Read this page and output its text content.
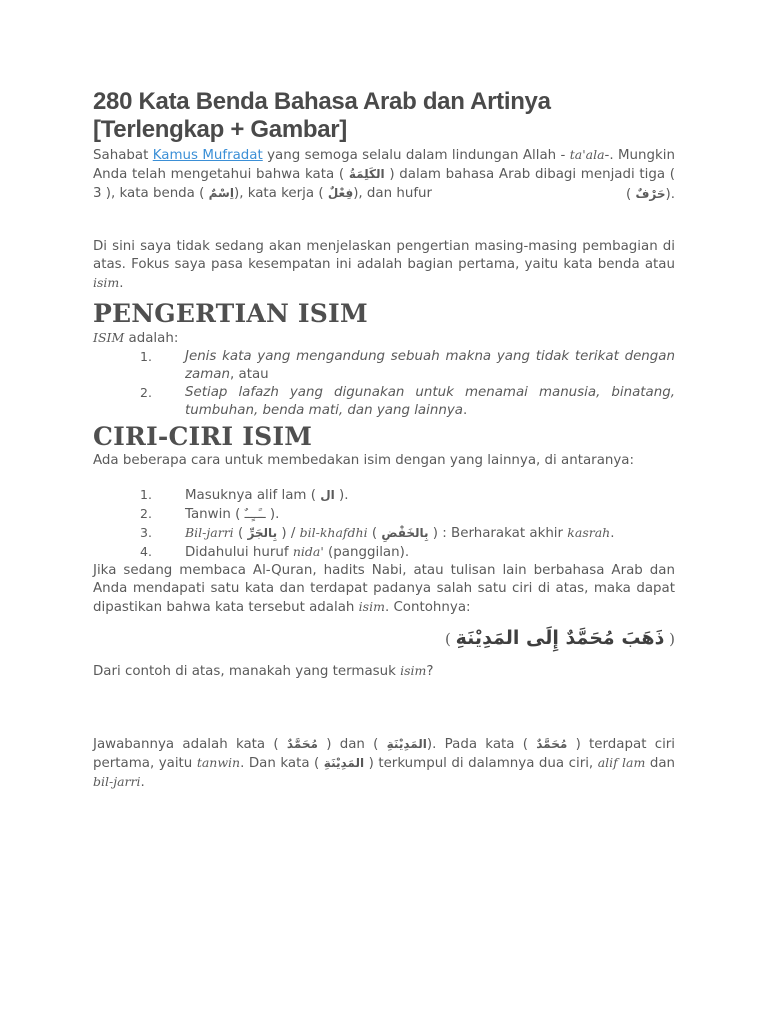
280 Kata Benda Bahasa Arab dan Artinya [Terlengkap + Gambar]

Sahabat Kamus Mufradat yang semoga selalu dalam lindungan Allah - ta'ala-. Mungkin Anda telah mengetahui bahwa kata ( الكَلِمَةُ ) dalam bahasa Arab dibagi menjadi tiga ( 3 ), kata benda ( اِسْمٌ), kata kerja ( فِعْلٌ), dan hufur	( حَرْفٌ).

Di sini saya tidak sedang akan menjelaskan pengertian masing-masing pembagian di atas. Fokus saya pasa kesempatan ini adalah bagian pertama, yaitu kata benda atau isim.

PENGERTIAN ISIM

ISIM adalah:

1. Jenis kata yang mengandung sebuah makna yang tidak terikat dengan zaman, atau
2. Setiap lafazh yang digunakan untuk menamai manusia, binatang, tumbuhan, benda mati, dan yang lainnya.
CIRI-CIRI ISIM

Ada beberapa cara untuk membedakan isim dengan yang lainnya, di antaranya:

1. Masuknya alif lam ( ال ).
2. Tanwin ( ــًــٍــٌ ).
3.	Bil-jarri ( بِالجَرِّ ) / bil-khafdhi ( بِالخَفْضِ ) : Berharakat akhir kasrah.
4. Didahului huruf nida' (panggilan).

Jika sedang membaca Al-Quran, hadits Nabi, atau tulisan lain berbahasa Arab dan Anda mendapati satu kata dan terdapat padanya salah satu ciri di atas, maka dapat dipastikan bahwa kata tersebut adalah isim. Contohnya:

( ذَهَبَ مُحَمَّدٌ إِلَى المَدِيْنَةِ )

Dari contoh di atas, manakah yang termasuk isim?

Jawabannya adalah kata ( مُحَمَّدٌ ) dan ( المَدِيْنَةِ). Pada kata ( مُحَمَّدٌ ) terdapat ciri pertama, yaitu tanwin. Dan kata ( المَدِيْنَةِ ) terkumpul di dalamnya dua ciri, alif lam dan bil-jarri.
